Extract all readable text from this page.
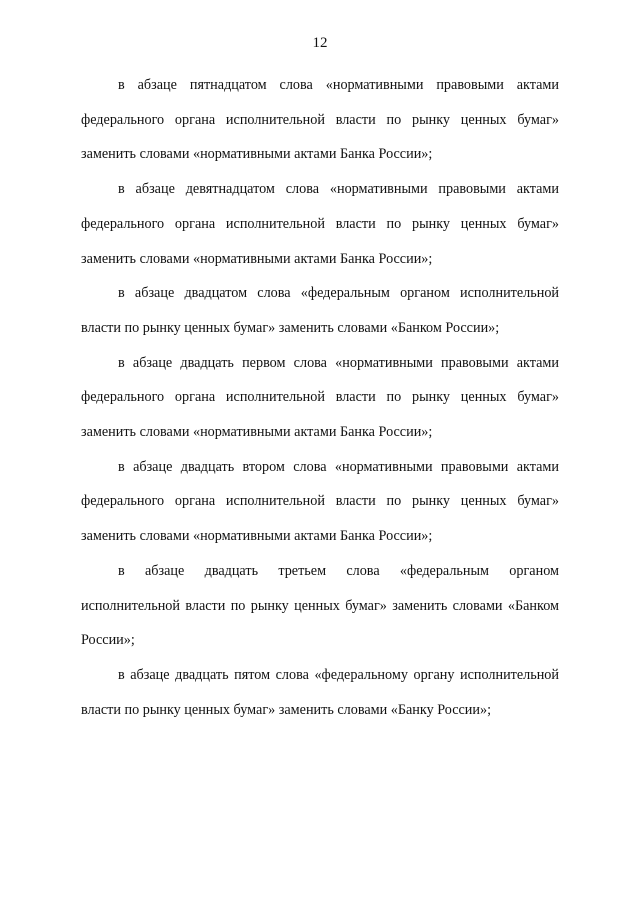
12

в абзаце пятнадцатом слова «нормативными правовыми актами федерального органа исполнительной власти по рынку ценных бумаг» заменить словами «нормативными актами Банка России»;

в абзаце девятнадцатом слова «нормативными правовыми актами федерального органа исполнительной власти по рынку ценных бумаг» заменить словами «нормативными актами Банка России»;

в абзаце двадцатом слова «федеральным органом исполнительной власти по рынку ценных бумаг» заменить словами «Банком России»;

в абзаце двадцать первом слова «нормативными правовыми актами федерального органа исполнительной власти по рынку ценных бумаг» заменить словами «нормативными актами Банка России»;

в абзаце двадцать втором слова «нормативными правовыми актами федерального органа исполнительной власти по рынку ценных бумаг» заменить словами «нормативными актами Банка России»;

в абзаце двадцать третьем слова «федеральным органом исполнительной власти по рынку ценных бумаг» заменить словами «Банком России»;

в абзаце двадцать пятом слова «федеральному органу исполнительной власти по рынку ценных бумаг» заменить словами «Банку России»;
